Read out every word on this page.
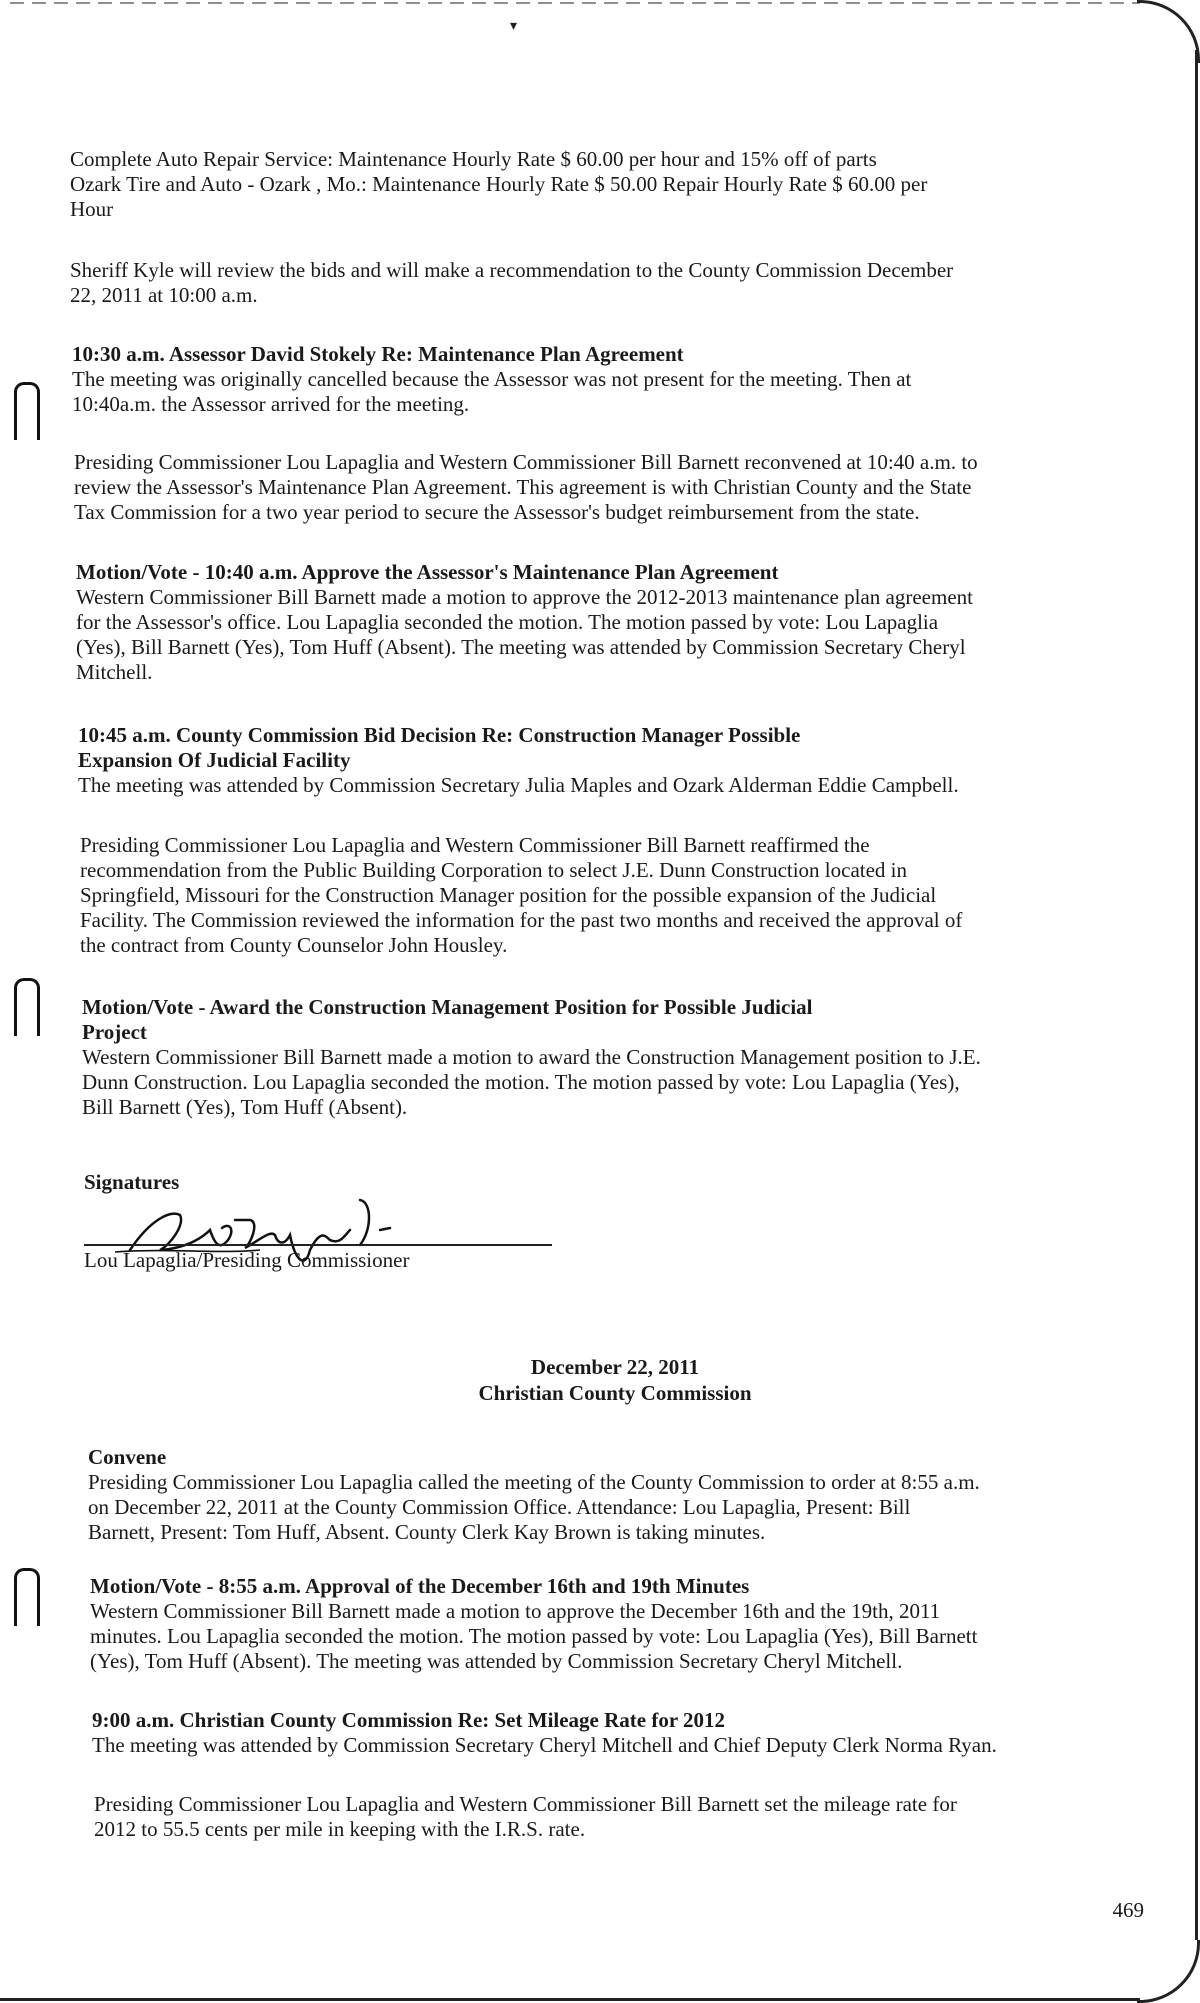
▾
Complete Auto Repair Service: Maintenance Hourly Rate $ 60.00 per hour and 15% off of parts
Ozark Tire and Auto - Ozark , Mo.: Maintenance Hourly Rate $ 50.00 Repair Hourly Rate $ 60.00 per
Hour
Sheriff Kyle will review the bids and will make a recommendation to the County Commission December
22, 2011 at 10:00 a.m.
10:30 a.m. Assessor David Stokely Re: Maintenance Plan Agreement
The meeting was originally cancelled because the Assessor was not present for the meeting. Then at
10:40a.m. the Assessor arrived for the meeting.
Presiding Commissioner Lou Lapaglia and Western Commissioner Bill Barnett reconvened at 10:40 a.m. to
review the Assessor's Maintenance Plan Agreement. This agreement is with Christian County and the State
Tax Commission for a two year period to secure the Assessor's budget reimbursement from the state.
Motion/Vote - 10:40 a.m. Approve the Assessor's Maintenance Plan Agreement
Western Commissioner Bill Barnett made a motion to approve the 2012-2013 maintenance plan agreement
for the Assessor's office. Lou Lapaglia seconded the motion. The motion passed by vote: Lou Lapaglia
(Yes), Bill Barnett (Yes), Tom Huff (Absent). The meeting was attended by Commission Secretary Cheryl
Mitchell.
10:45 a.m. County Commission Bid Decision Re: Construction Manager Possible
Expansion Of Judicial Facility
The meeting was attended by Commission Secretary Julia Maples and Ozark Alderman Eddie Campbell.
Presiding Commissioner Lou Lapaglia and Western Commissioner Bill Barnett reaffirmed the
recommendation from the Public Building Corporation to select J.E. Dunn Construction located in
Springfield, Missouri for the Construction Manager position for the possible expansion of the Judicial
Facility. The Commission reviewed the information for the past two months and received the approval of
the contract from County Counselor John Housley.
Motion/Vote - Award the Construction Management Position for Possible Judicial
Project
Western Commissioner Bill Barnett made a motion to award the Construction Management position to J.E.
Dunn Construction. Lou Lapaglia seconded the motion. The motion passed by vote: Lou Lapaglia (Yes),
Bill Barnett (Yes), Tom Huff (Absent).
Signatures
Lou Lapaglia/Presiding Commissioner
December 22, 2011
Christian County Commission
Convene
Presiding Commissioner Lou Lapaglia called the meeting of the County Commission to order at 8:55 a.m.
on December 22, 2011 at the County Commission Office. Attendance: Lou Lapaglia, Present: Bill
Barnett, Present: Tom Huff, Absent. County Clerk Kay Brown is taking minutes.
Motion/Vote - 8:55 a.m. Approval of the December 16th and 19th Minutes
Western Commissioner Bill Barnett made a motion to approve the December 16th and the 19th, 2011
minutes. Lou Lapaglia seconded the motion. The motion passed by vote: Lou Lapaglia (Yes), Bill Barnett
(Yes), Tom Huff (Absent). The meeting was attended by Commission Secretary Cheryl Mitchell.
9:00 a.m. Christian County Commission Re: Set Mileage Rate for 2012
The meeting was attended by Commission Secretary Cheryl Mitchell and Chief Deputy Clerk Norma Ryan.
Presiding Commissioner Lou Lapaglia and Western Commissioner Bill Barnett set the mileage rate for
2012 to 55.5 cents per mile in keeping with the I.R.S. rate.
469
